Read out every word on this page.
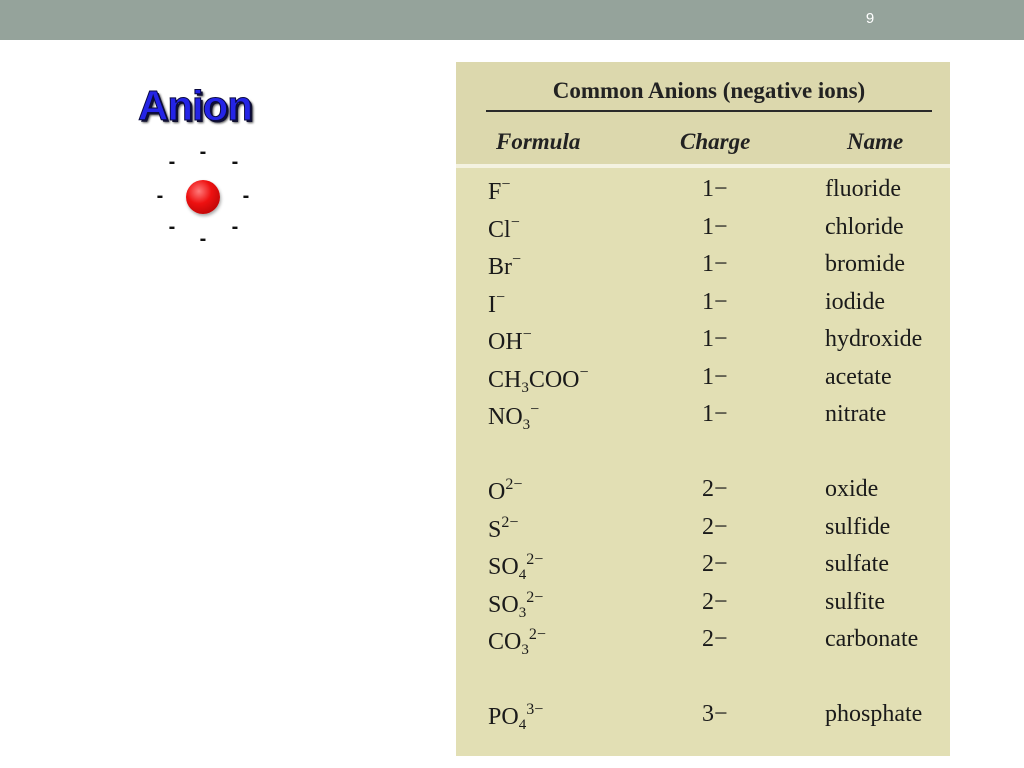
9
Anion
- - -
-	-
-
-
-
Common Anions (negative ions)
Formula	Charge	Name
F−	1−	fluoride
Cl−	1−	chloride
Br−	1−	bromide
I−	1−	iodide
OH−	1−	hydroxide
$CH_3COO^-$	1−	acetate
$NO_3^-$	1−	nitrate
$O^{2-}$	2−	oxide
$S^{2-}$	2−	sulfide
$SO_4^{2-}$	2−	sulfate
$SO_3^{2-}$	2−	sulfite
$CO_3^{2-}$	2−	carbonate
$PO_4^{3-}$	3−	phosphate
